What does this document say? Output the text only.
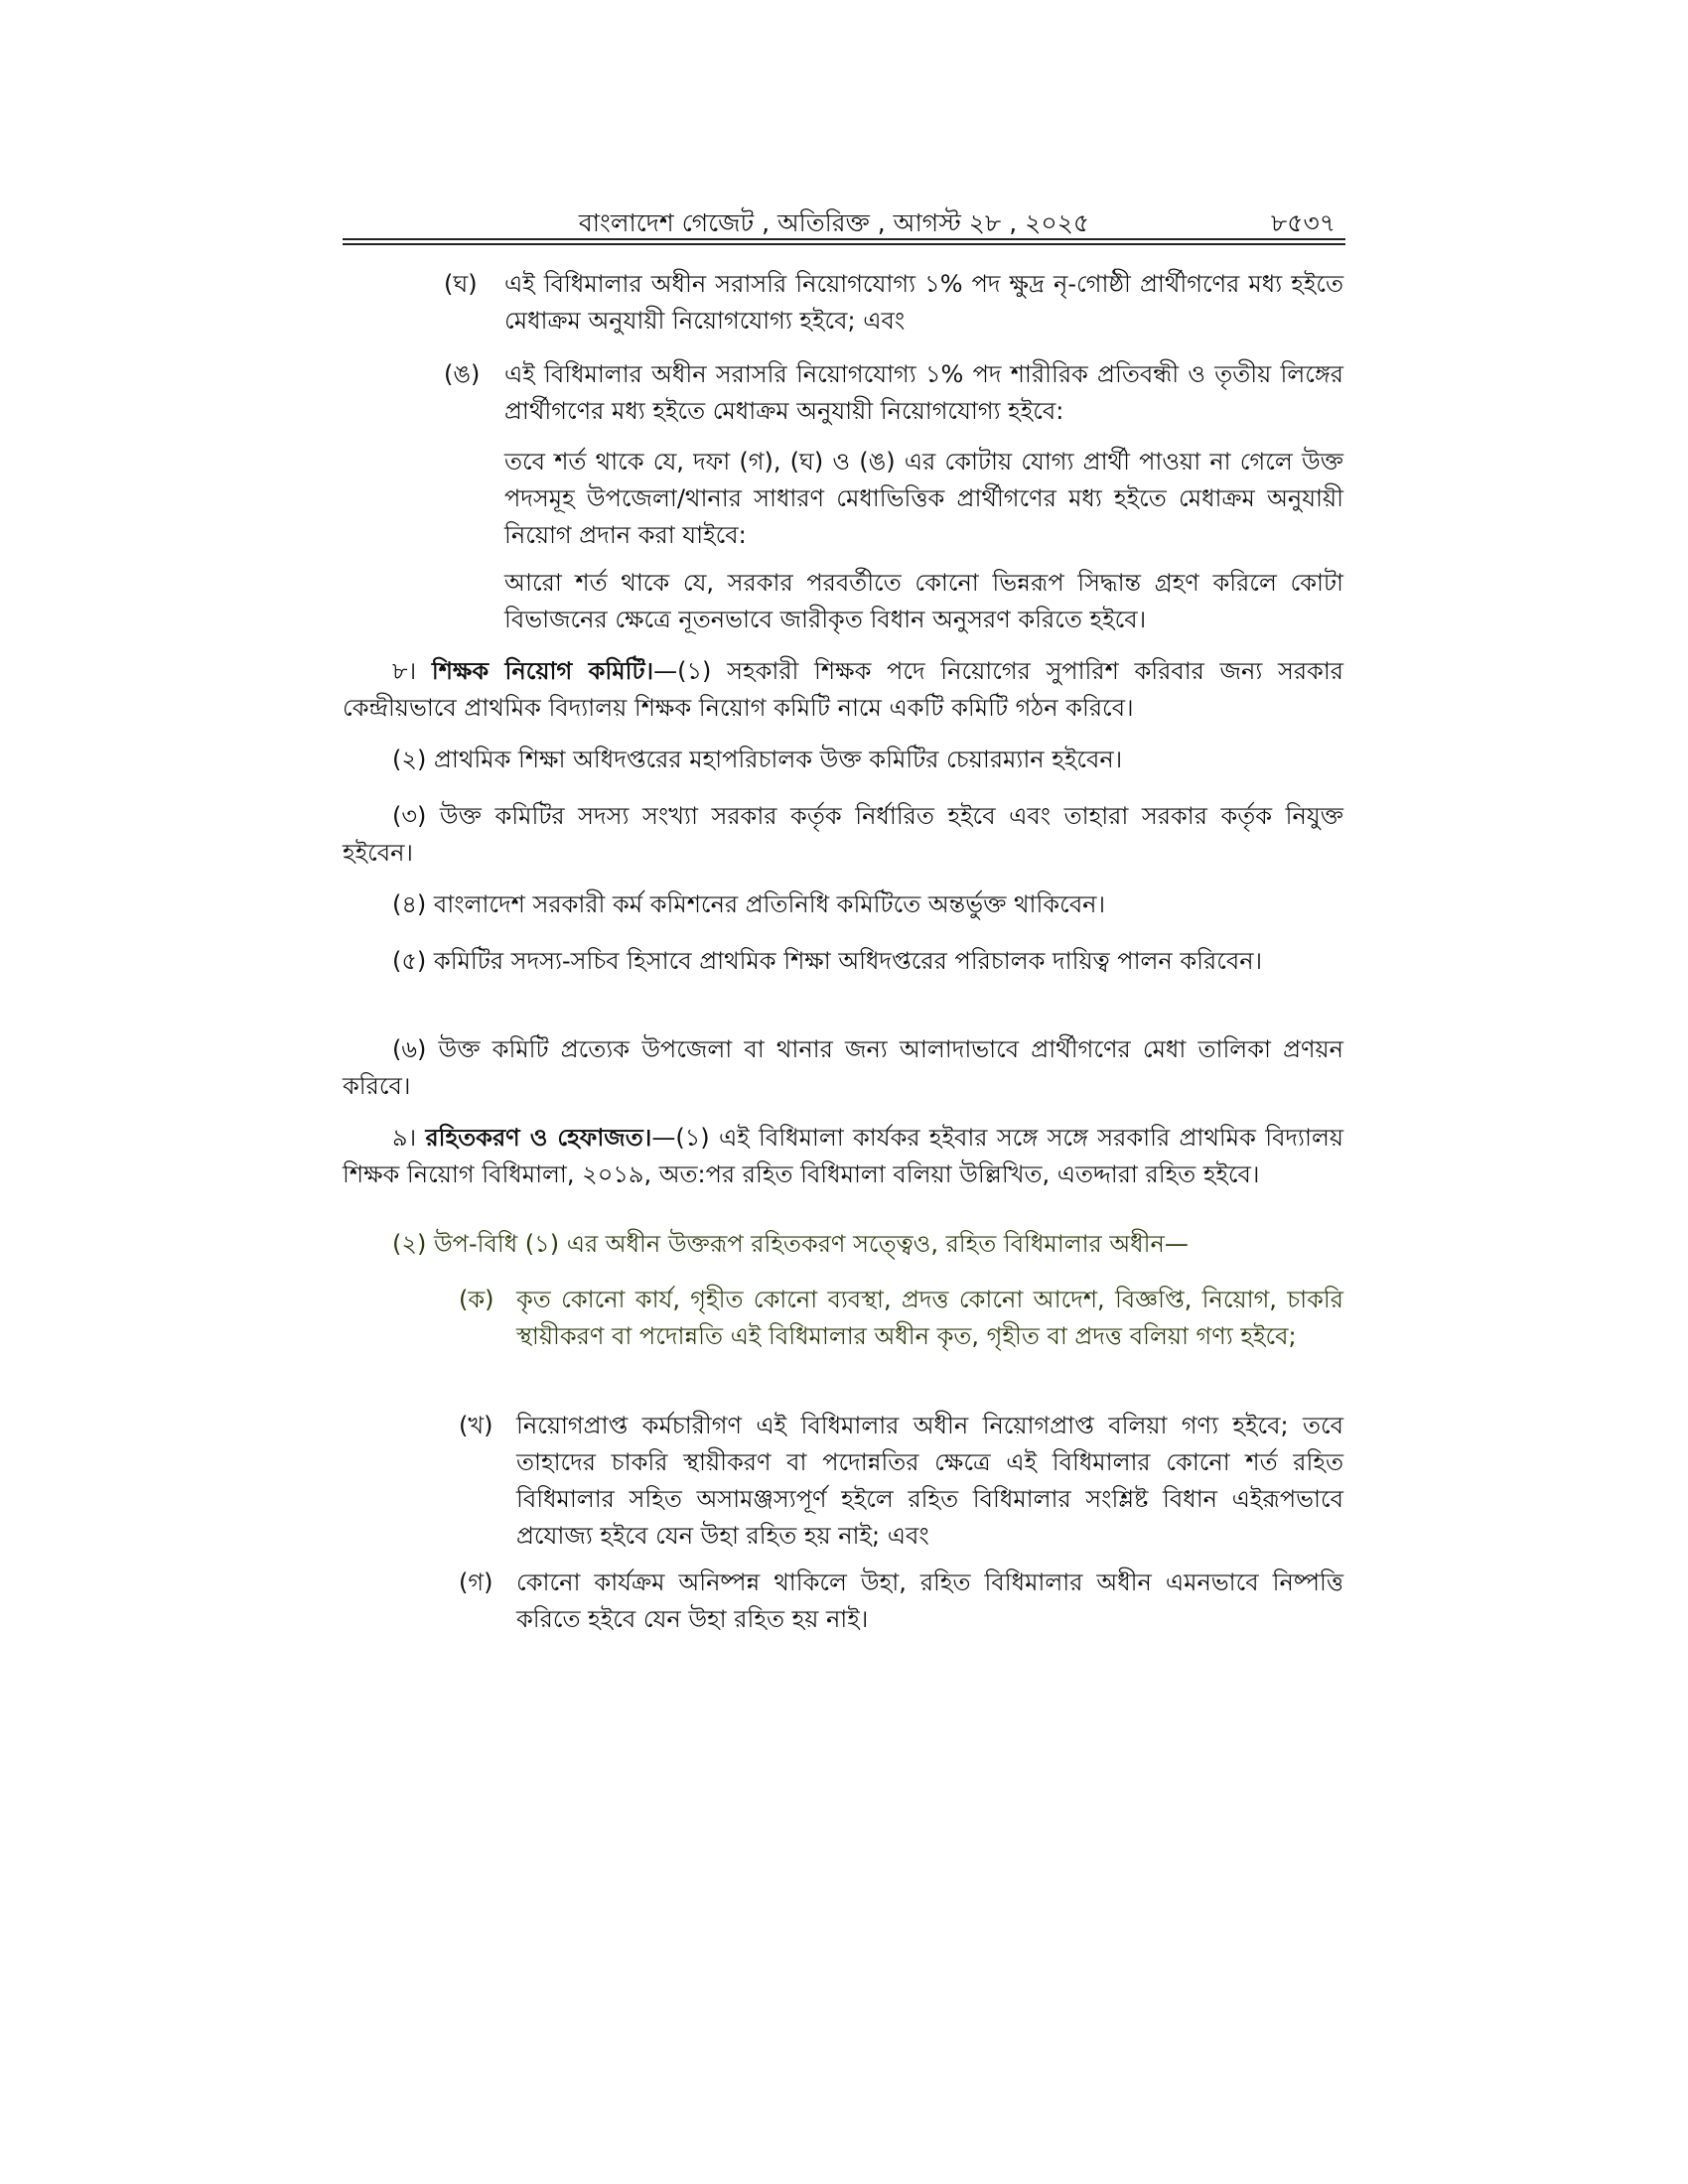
বাংলাদেশ গেজেট , অতিরিক্ত , আগস্ট ২৮ , ২০২৫	৮৫৩৭
(ঘ) এই বিধিমালার অধীন সরাসরি নিয়োগযোগ্য ১% পদ ক্ষুদ্র নৃ-গোষ্ঠী প্রার্থীগণের মধ্য হইতে মেধাক্রম অনুযায়ী নিয়োগযোগ্য হইবে; এবং
(ঙ) এই বিধিমালার অধীন সরাসরি নিয়োগযোগ্য ১% পদ শারীরিক প্রতিবন্ধী ও তৃতীয় লিঙ্গের প্রার্থীগণের মধ্য হইতে মেধাক্রম অনুযায়ী নিয়োগযোগ্য হইবে:
তবে শর্ত থাকে যে, দফা (গ), (ঘ) ও (ঙ) এর কোটায় যোগ্য প্রার্থী পাওয়া না গেলে উক্ত পদসমূহ উপজেলা/থানার সাধারণ মেধাভিত্তিক প্রার্থীগণের মধ্য হইতে মেধাক্রম অনুযায়ী নিয়োগ প্রদান করা যাইবে:
আরো শর্ত থাকে যে, সরকার পরবর্তীতে কোনো ভিন্নরূপ সিদ্ধান্ত গ্রহণ করিলে কোটা বিভাজনের ক্ষেত্রে নূতনভাবে জারীকৃত বিধান অনুসরণ করিতে হইবে।
৮। শিক্ষক নিয়োগ কমিটি।—(১) সহকারী শিক্ষক পদে নিয়োগের সুপারিশ করিবার জন্য সরকার কেন্দ্রীয়ভাবে প্রাথমিক বিদ্যালয় শিক্ষক নিয়োগ কমিটি নামে একটি কমিটি গঠন করিবে।
(২) প্রাথমিক শিক্ষা অধিদপ্তরের মহাপরিচালক উক্ত কমিটির চেয়ারম্যান হইবেন।
(৩) উক্ত কমিটির সদস্য সংখ্যা সরকার কর্তৃক নির্ধারিত হইবে এবং তাহারা সরকার কর্তৃক নিযুক্ত হইবেন।
(৪) বাংলাদেশ সরকারী কর্ম কমিশনের প্রতিনিধি কমিটিতে অন্তর্ভুক্ত থাকিবেন।
(৫) কমিটির সদস্য-সচিব হিসাবে প্রাথমিক শিক্ষা অধিদপ্তরের পরিচালক দায়িত্ব পালন করিবেন।
(৬) উক্ত কমিটি প্রত্যেক উপজেলা বা থানার জন্য আলাদাভাবে প্রার্থীগণের মেধা তালিকা প্রণয়ন করিবে।
৯। রহিতকরণ ও হেফাজত।—(১) এই বিধিমালা কার্যকর হইবার সঙ্গে সঙ্গে সরকারি প্রাথমিক বিদ্যালয় শিক্ষক নিয়োগ বিধিমালা, ২০১৯, অত:পর রহিত বিধিমালা বলিয়া উল্লিখিত, এতদ্দারা রহিত হইবে।
(২) উপ-বিধি (১) এর অধীন উক্তরূপ রহিতকরণ সত্ত্বেও, রহিত বিধিমালার অধীন—
(ক) কৃত কোনো কার্য, গৃহীত কোনো ব্যবস্থা, প্রদত্ত কোনো আদেশ, বিজ্ঞপ্তি, নিয়োগ, চাকরি স্থায়ীকরণ বা পদোন্নতি এই বিধিমালার অধীন কৃত, গৃহীত বা প্রদত্ত বলিয়া গণ্য হইবে;
(খ) নিয়োগপ্রাপ্ত কর্মচারীগণ এই বিধিমালার অধীন নিয়োগপ্রাপ্ত বলিয়া গণ্য হইবে; তবে তাহাদের চাকরি স্থায়ীকরণ বা পদোন্নতির ক্ষেত্রে এই বিধিমালার কোনো শর্ত রহিত বিধিমালার সহিত অসামঞ্জস্যপূর্ণ হইলে রহিত বিধিমালার সংশ্লিষ্ট বিধান এইরূপভাবে প্রযোজ্য হইবে যেন উহা রহিত হয় নাই; এবং
(গ) কোনো কার্যক্রম অনিষ্পন্ন থাকিলে উহা, রহিত বিধিমালার অধীন এমনভাবে নিষ্পত্তি করিতে হইবে যেন উহা রহিত হয় নাই।
